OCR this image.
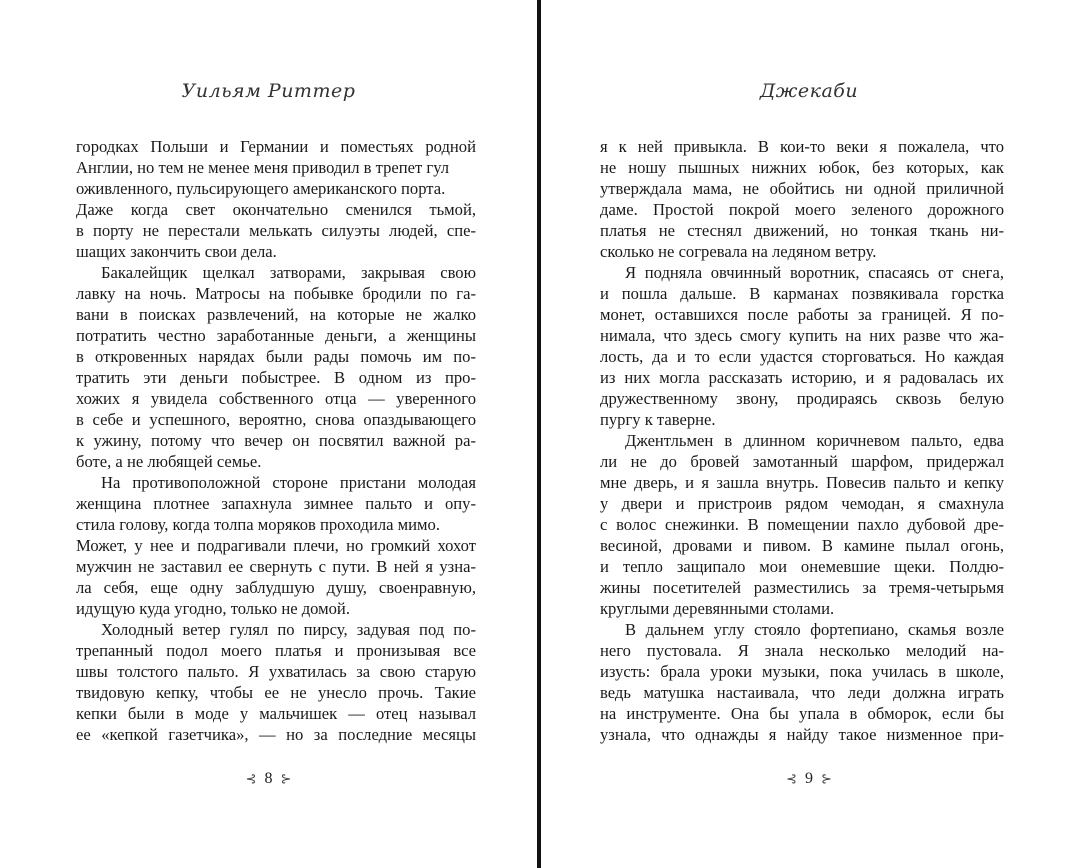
Уильям Риттер
городках Польши и Германии и поместьях родной
Англии, но тем не менее меня приводил в трепет гул
оживленного, пульсирующего американского порта.
Даже когда свет окончательно сменился тьмой,
в порту не перестали мелькать силуэты людей, спе-
шащих закончить свои дела.
Бакалейщик щелкал затворами, закрывая свою
лавку на ночь. Матросы на побывке бродили по га-
вани в поисках развлечений, на которые не жалко
потратить честно заработанные деньги, а женщины
в откровенных нарядах были рады помочь им по-
тратить эти деньги побыстрее. В одном из про-
хожих я увидела собственного отца — уверенного
в себе и успешного, вероятно, снова опаздывающего
к ужину, потому что вечер он посвятил важной ра-
боте, а не любящей семье.
На противоположной стороне пристани молодая
женщина плотнее запахнула зимнее пальто и опу-
стила голову, когда толпа моряков проходила мимо.
Может, у нее и подрагивали плечи, но громкий хохот
мужчин не заставил ее свернуть с пути. В ней я узна-
ла себя, еще одну заблудшую душу, своенравную,
идущую куда угодно, только не домой.
Холодный ветер гулял по пирсу, задувая под по-
трепанный подол моего платья и пронизывая все
швы толстого пальто. Я ухватилась за свою старую
твидовую кепку, чтобы ее не унесло прочь. Такие
кепки были в моде у мальчишек — отец называл
ее «кепкой газетчика», — но за последние месяцы
⊰ 8 ⊱
Джекаби
я к ней привыкла. В кои-то веки я пожалела, что
не ношу пышных нижних юбок, без которых, как
утверждала мама, не обойтись ни одной приличной
даме. Простой покрой моего зеленого дорожного
платья не стеснял движений, но тонкая ткань ни-
сколько не согревала на ледяном ветру.
Я подняла овчинный воротник, спасаясь от снега,
и пошла дальше. В карманах позвякивала горстка
монет, оставшихся после работы за границей. Я по-
нимала, что здесь смогу купить на них разве что жа-
лость, да и то если удастся сторговаться. Но каждая
из них могла рассказать историю, и я радовалась их
дружественному звону, продираясь сквозь белую
пургу к таверне.
Джентльмен в длинном коричневом пальто, едва
ли не до бровей замотанный шарфом, придержал
мне дверь, и я зашла внутрь. Повесив пальто и кепку
у двери и пристроив рядом чемодан, я смахнула
с волос снежинки. В помещении пахло дубовой дре-
весиной, дровами и пивом. В камине пылал огонь,
и тепло защипало мои онемевшие щеки. Полдю-
жины посетителей разместились за тремя-четырьмя
круглыми деревянными столами.
В дальнем углу стояло фортепиано, скамья возле
него пустовала. Я знала несколько мелодий на-
изусть: брала уроки музыки, пока училась в школе,
ведь матушка настаивала, что леди должна играть
на инструменте. Она бы упала в обморок, если бы
узнала, что однажды я найду такое низменное при-
⊰ 9 ⊱
